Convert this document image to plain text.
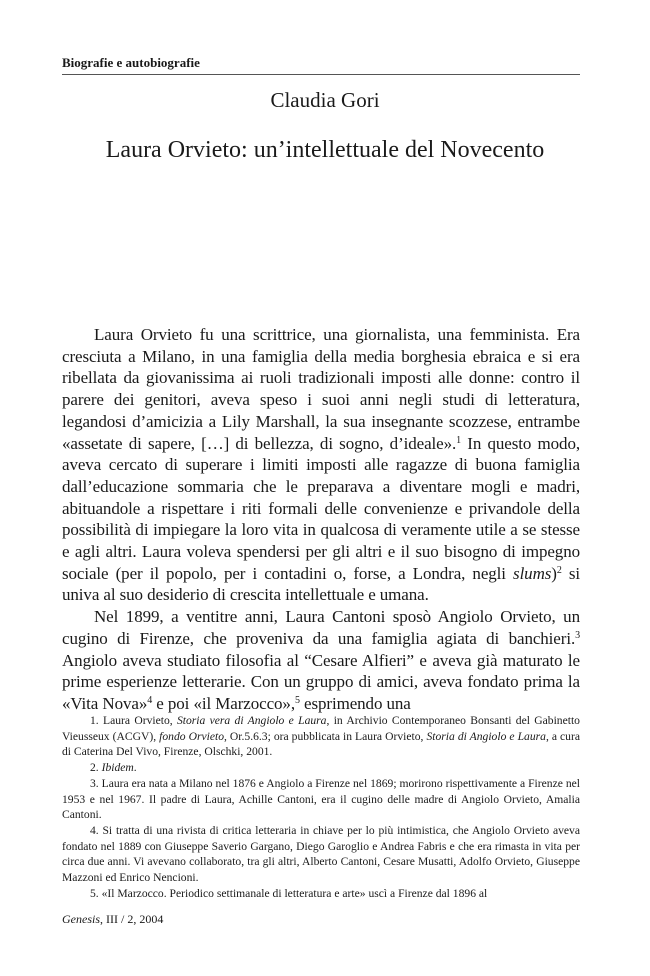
Biografie e autobiografie
Claudia Gori
Laura Orvieto: un’intellettuale del Novecento

Laura Orvieto fu una scrittrice, una giornalista, una femminista. Era cresciuta a Milano, in una famiglia della media borghesia ebraica e si era ribellata da giovanissima ai ruoli tradizionali imposti alle donne: contro il parere dei genitori, aveva speso i suoi anni negli studi di letteratura, legandosi d’amicizia a Lily Marshall, la sua insegnante scozzese, entrambe «assetate di sapere, […] di bellezza, di sogno, d’ideale».$^1$ In questo modo, aveva cercato di superare i limiti imposti alle ragazze di buona famiglia dall’educazione sommaria che le preparava a diventare mogli e madri, abituandole a rispettare i riti formali delle convenienze e privandole della possibilità di impiegare la loro vita in qualcosa di veramente utile a se stesse e agli altri. Laura voleva spendersi per gli altri e il suo bisogno di impegno sociale (per il popolo, per i contadini o, forse, a Londra, negli slums)$^2$ si univa al suo desiderio di crescita intellettuale e umana.

Nel 1899, a ventitre anni, Laura Cantoni sposò Angiolo Orvieto, un cugino di Firenze, che proveniva da una famiglia agiata di banchieri.$^3$ Angiolo aveva studiato filosofia al “Cesare Alfieri” e aveva già maturato le prime esperienze letterarie. Con un gruppo di amici, aveva fondato prima la «Vita Nova»$^4$ e poi «il Marzocco»,$^5$ esprimendo una

1. Laura Orvieto, Storia vera di Angiolo e Laura, in Archivio Contemporaneo Bonsanti del Gabinetto Vieusseux (ACGV), fondo Orvieto, Or.5.6.3; ora pubblicata in Laura Orvieto, Storia di Angiolo e Laura, a cura di Caterina Del Vivo, Firenze, Olschki, 2001.

2. Ibidem.

3. Laura era nata a Milano nel 1876 e Angiolo a Firenze nel 1869; morirono rispettivamente a Firenze nel 1953 e nel 1967. Il padre di Laura, Achille Cantoni, era il cugino delle madre di Angiolo Orvieto, Amalia Cantoni.

4. Si tratta di una rivista di critica letteraria in chiave per lo più intimistica, che Angiolo Orvieto aveva fondato nel 1889 con Giuseppe Saverio Gargano, Diego Garoglio e Andrea Fabris e che era rimasta in vita per circa due anni. Vi avevano collaborato, tra gli altri, Alberto Cantoni, Cesare Musatti, Adolfo Orvieto, Giuseppe Mazzoni ed Enrico Nencioni.

5. «Il Marzocco. Periodico settimanale di letteratura e arte» uscì a Firenze dal 1896 al

Genesis, III / 2, 2004
